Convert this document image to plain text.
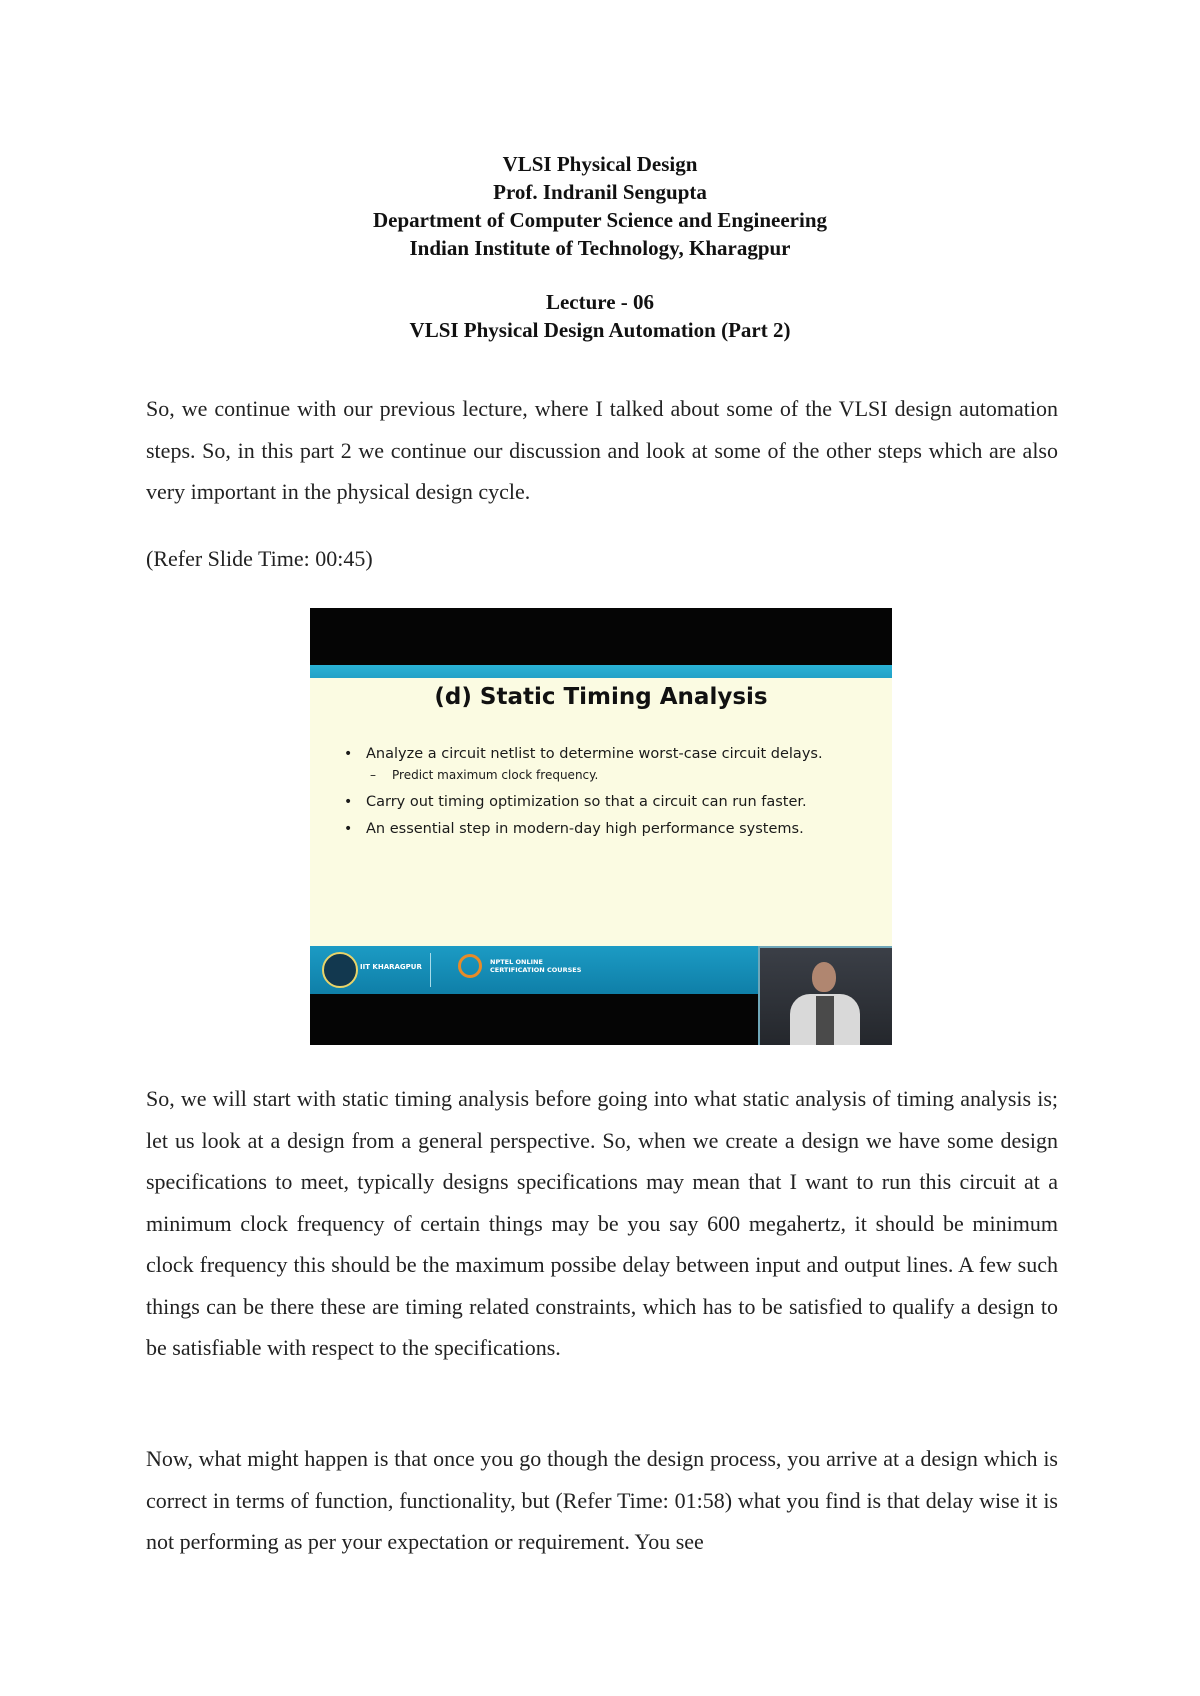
VLSI Physical Design
Prof. Indranil Sengupta
Department of Computer Science and Engineering
Indian Institute of Technology, Kharagpur
Lecture - 06
VLSI Physical Design Automation (Part 2)
So, we continue with our previous lecture, where I talked about some of the VLSI design automation steps. So, in this part 2 we continue our discussion and look at some of the other steps which are also very important in the physical design cycle.
(Refer Slide Time: 00:45)
(d) Static Timing Analysis
• Analyze a circuit netlist to determine worst-case circuit delays.
– Predict maximum clock frequency.
• Carry out timing optimization so that a circuit can run faster.
• An essential step in modern-day high performance systems.
IIT KHARAGPUR
NPTEL ONLINE
CERTIFICATION COURSES
So, we will start with static timing analysis before going into what static analysis of timing analysis is; let us look at a design from a general perspective. So, when we create a design we have some design specifications to meet, typically designs specifications may mean that I want to run this circuit at a minimum clock frequency of certain things may be you say 600 megahertz, it should be minimum clock frequency this should be the maximum possibe delay between input and output lines. A few such things can be there these are timing related constraints, which has to be satisfied to qualify a design to be satisfiable with respect to the specifications.
Now, what might happen is that once you go though the design process, you arrive at a design which is correct in terms of function, functionality, but (Refer Time: 01:58) what you find is that delay wise it is not performing as per your expectation or requirement. You see
